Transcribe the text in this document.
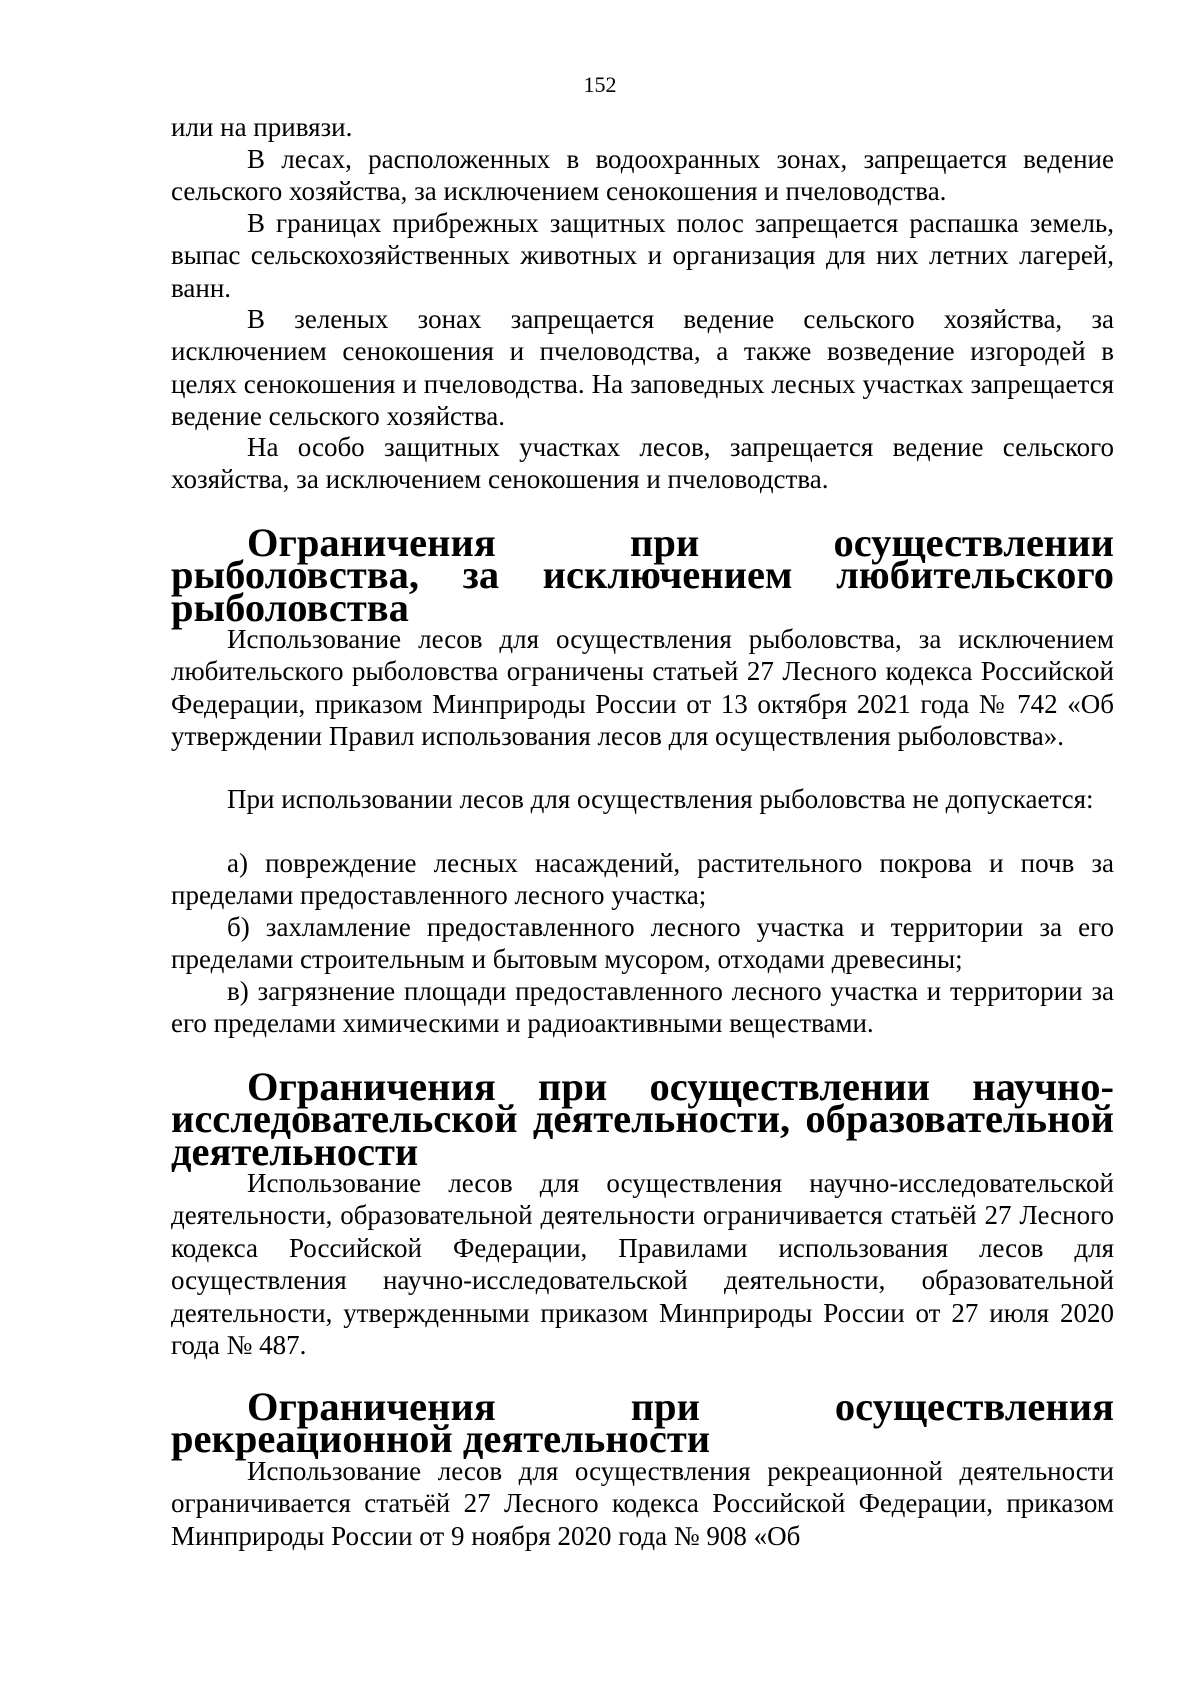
152

или на привязи.

В лесах, расположенных в водоохранных зонах, запрещается ведение сельского хозяйства, за исключением сенокошения и пчеловодства.

В границах прибрежных защитных полос запрещается распашка земель, выпас сельскохозяйственных животных и организация для них летних лагерей, ванн.

В зеленых зонах запрещается ведение сельского хозяйства, за исключением сенокошения и пчеловодства, а также возведение изгородей в целях сенокошения и пчеловодства. На заповедных лесных участках запрещается ведение сельского хозяйства.

На особо защитных участках лесов, запрещается ведение сельского хозяйства, за исключением сенокошения и пчеловодства.

Ограничения при осуществлении рыболовства, за исключением любительского рыболовства

Использование лесов для осуществления рыболовства, за исключением любительского рыболовства ограничены статьей 27 Лесного кодекса Российской Федерации, приказом Минприроды России от 13 октября 2021 года № 742 «Об утверждении Правил использования лесов для осуществления рыболовства».

При использовании лесов для осуществления рыболовства не допускается:

а) повреждение лесных насаждений, растительного покрова и почв за пределами предоставленного лесного участка;

б) захламление предоставленного лесного участка и территории за его пределами строительным и бытовым мусором, отходами древесины;

в) загрязнение площади предоставленного лесного участка и территории за его пределами химическими и радиоактивными веществами.

Ограничения при осуществлении научно-исследовательской деятельности, образовательной деятельности

Использование лесов для осуществления научно-исследовательской деятельности, образовательной деятельности ограничивается статьёй 27 Лесного кодекса Российской Федерации, Правилами использования лесов для осуществления научно-исследовательской деятельности, образовательной деятельности, утвержденными приказом Минприроды России от 27 июля 2020 года № 487.

Ограничения при осуществления рекреационной деятельности

Использование лесов для осуществления рекреационной деятельности ограничивается статьёй 27 Лесного кодекса Российской Федерации, приказом Минприроды России от 9 ноября 2020 года № 908 «Об
